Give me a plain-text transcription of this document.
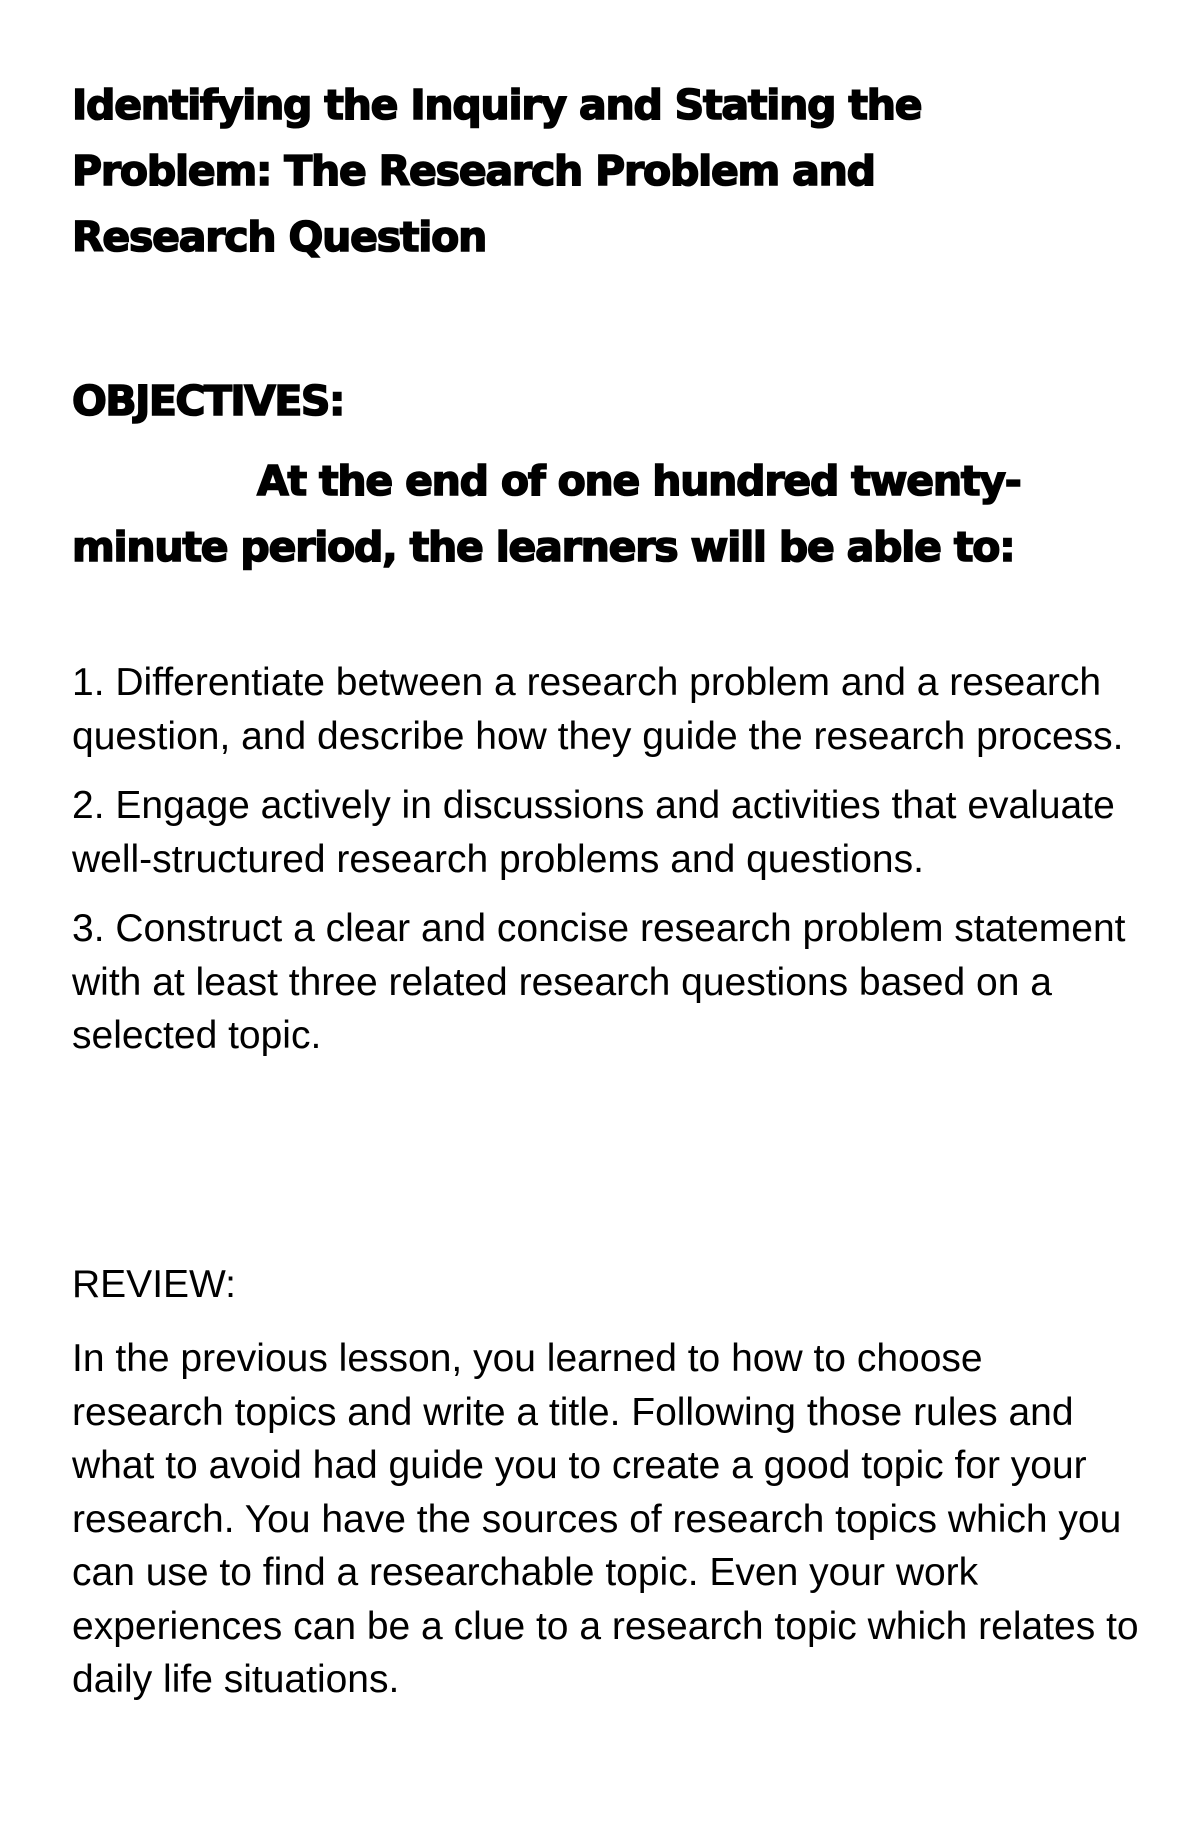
Identifying the Inquiry and Stating the Problem: The Research Problem and Research Question
OBJECTIVES:

At the end of one hundred twenty-minute period, the learners will be able to:

1. Differentiate between a research problem and a research question, and describe how they guide the research process.
2. Engage actively in discussions and activities that evaluate well-structured research problems and questions.
3. Construct a clear and concise research problem statement with at least three related research questions based on a selected topic.
REVIEW:

In the previous lesson, you learned to how to choose research topics and write a title. Following those rules and what to avoid had guide you to create a good topic for your research. You have the sources of research topics which you can use to find a researchable topic. Even your work experiences can be a clue to a research topic which relates to daily life situations.
